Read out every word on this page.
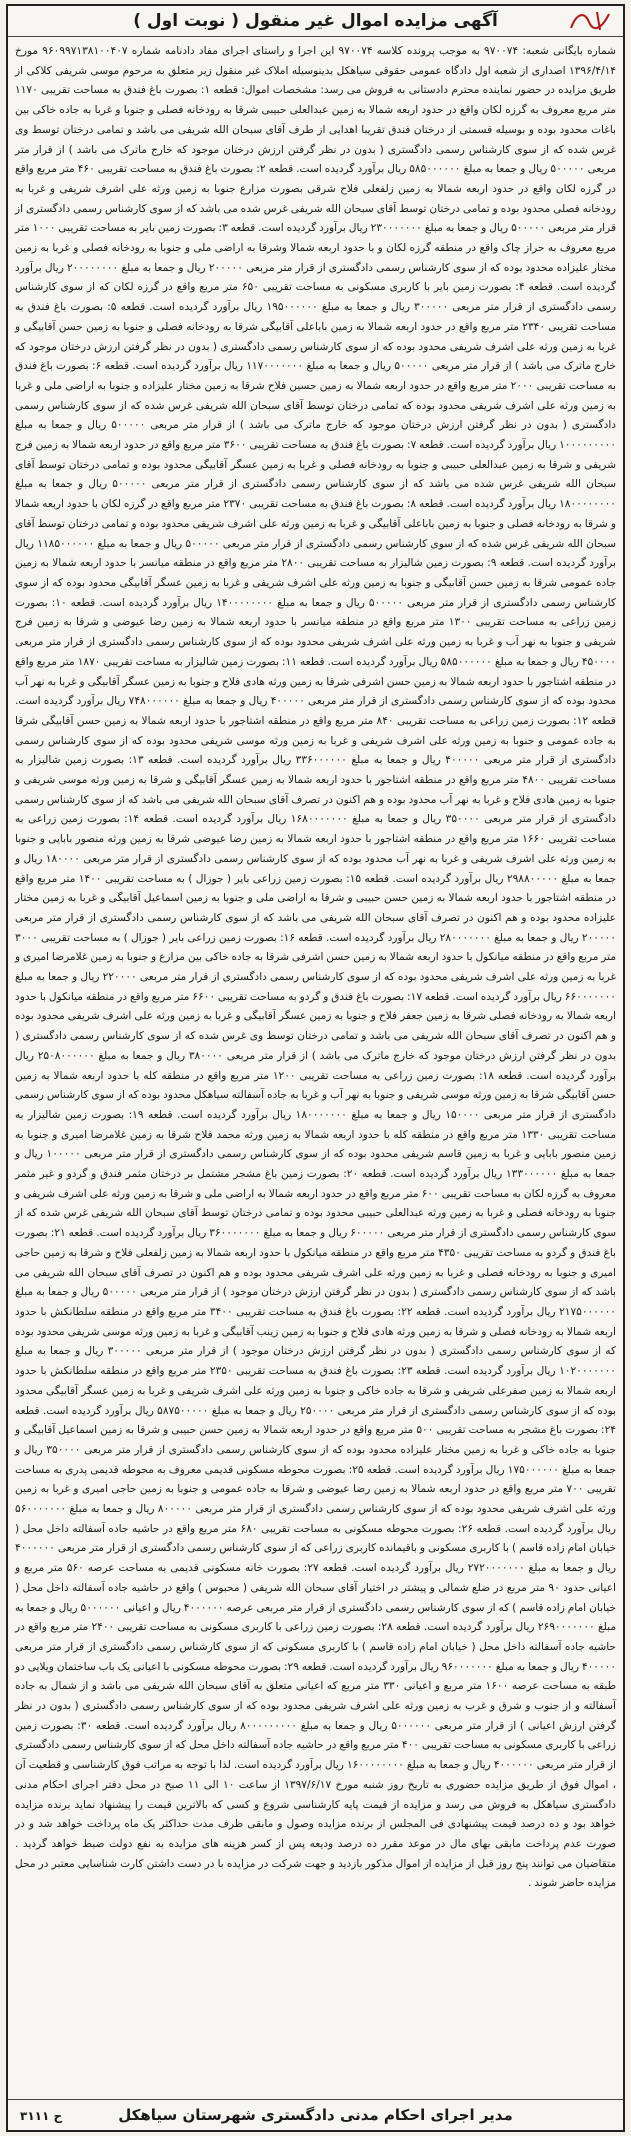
آگهی مزایده اموال غیر منقول ( نوبت اول )
شماره بایگانی شعبه: ۹۷۰۰۷۴ به موجب پرونده کلاسه ۹۷۰۰۷۴ این اجرا و راستای اجرای مفاد دادنامه شماره ۹۶۰۹۹۷۱۳۸۱۰۰۴۰۷ مورخ ۱۳۹۶/۴/۱۴ اصداری از شعبه اول دادگاه عمومی حقوقی سیاهکل بدینوسیله املاک غیر منقول زیر متعلق به مرحوم موسی شریفی کلاکی از طریق مزایده در حضور نماینده محترم دادستانی به فروش می رسد: مشخصات اموال: قطعه ۱: بصورت باغ فندق به مساحت تقریبی ۱۱۷۰ متر مربع معروف به گرزه لکان واقع در حدود اربعه شمالا به زمین عبدالعلی حبیبی شرقا به رودخانه فصلی و جنوبا و غربا به جاده خاکی بین باغات محدود بوده و بوسیله قسمتی از درختان فندق تقریبا اهدایی از طرف آقای سبحان الله شریفی می باشد و تمامی درختان توسط وی غرس شده که از سوی کارشناس رسمی دادگستری ( بدون در نظر گرفتن ارزش درختان موجود که خارج ماترک می باشد ) از قرار متر مربعی ۵۰۰۰۰۰ ریال و جمعا به مبلغ ۵۸۵۰۰۰۰۰۰ ریال برآورد گردیده است. قطعه ۲: بصورت باغ فندق به مساحت تقریبی ۴۶۰ متر مربع واقع در گرزه لکان واقع در حدود اربعه شمالا به زمین زلفعلی فلاح شرقی بصورت مزارع جنوبا به زمین ورثه علی اشرف شریفی و غربا به رودخانه فصلی محدود بوده و تمامی درختان توسط آقای سبحان الله شریفی غرس شده می باشد که از سوی کارشناس رسمی دادگستری از قرار متر مربعی ۵۰۰۰۰۰ ریال و جمعا به مبلغ ۲۳۰۰۰۰۰۰۰ ریال برآورد گردیده است. قطعه ۳: بصورت زمین بایر به مساحت تقریبی ۱۰۰۰ متر مربع معروف به حراز چاک واقع در منطقه گرزه لکان و با حدود اربعه شمالا وشرقا به اراضی ملی و جنوبا به رودخانه فصلی و غربا به زمین مختار علیزاده محدود بوده که از سوی کارشناس رسمی دادگستری از قرار متر مربعی ۲۰۰۰۰۰ ریال و جمعا به مبلغ ۲۰۰۰۰۰۰۰۰ ریال برآورد گردیده است. قطعه ۴: بصورت زمین بایر با کاربری مسکونی به مساحت تقریبی ۶۵۰ متر مربع واقع در گرزه لکان که از سوی کارشناس رسمی دادگستری از قرار متر مربعی ۳۰۰۰۰۰ ریال و جمعا به مبلغ ۱۹۵۰۰۰۰۰۰ ریال برآورد گردیده است. قطعه ۵: بصورت باغ فندق به مساحت تقریبی ۲۳۴۰ متر مربع واقع در حدود اربعه شمالا به زمین باباعلی آقابیگی شرقا به رودخانه فصلی و جنوبا به زمین حسن آقابیگی و غربا به زمین ورثه علی اشرف شریفی محدود بوده که از سوی کارشناس رسمی دادگستری ( بدون در نظر گرفتن ارزش درختان موجود که خارج ماترک می باشد ) از قرار متر مربعی ۵۰۰۰۰۰ ریال و جمعا به مبلغ ۱۱۷۰۰۰۰۰۰۰ ریال برآورد گردیده است. قطعه ۶: بصورت باغ فندق به مساحت تقریبی ۲۰۰۰ متر مربع واقع در حدود اربعه شمالا به زمین حسین فلاح شرقا به زمین مختار علیزاده و جنوبا به اراضی ملی و غربا به زمین ورثه علی اشرف شریفی محدود بوده که تمامی درختان توسط آقای سبحان الله شریفی غرس شده که از سوی کارشناس رسمی دادگستری ( بدون در نظر گرفتن ارزش درختان موجود که خارج ماترک می باشد ) از قرار متر مربعی ۵۰۰۰۰۰ ریال و جمعا به مبلغ ۱۰۰۰۰۰۰۰۰۰ ریال برآورد گردیده است. قطعه ۷: بصورت باغ فندق به مساحت تقریبی ۳۶۰۰ متر مربع واقع در حدود اربعه شمالا به زمین فرج شریفی و شرقا به زمین عبدالعلی حبیبی و جنوبا به رودخانه فصلی و غربا به زمین عسگر آقابیگی محدود بوده و تمامی درختان توسط آقای سبحان الله شریفی غرس شده می باشد که از سوی کارشناس رسمی دادگستری از قرار متر مربعی ۵۰۰۰۰۰ ریال و جمعا به مبلغ ۱۸۰۰۰۰۰۰۰۰ ریال برآورد گردیده است. قطعه ۸: بصورت باغ فندق به مساحت تقریبی ۲۳۷۰ متر مربع واقع در گرزه لکان با حدود اربعه شمالا و شرقا به رودخانه فصلی و جنوبا به زمین باباعلی آقابیگی و غربا به زمین ورثه علی اشرف شریفی محدود بوده و تمامی درختان توسط آقای سبحان الله شریفی غرس شده که از سوی کارشناس رسمی دادگستری از قرار متر مربعی ۵۰۰۰۰۰ ریال و جمعا به مبلغ ۱۱۸۵۰۰۰۰۰۰ ریال برآورد گردیده است. قطعه ۹: بصورت زمین شالیزار به مساحت تقریبی ۲۸۰۰ متر مربع واقع در منطقه میانسر با حدود اربعه شمالا به زمین جاده عمومی شرقا به زمین حسن آقابیگی و جنوبا به زمین ورثه علی اشرف شریفی و غربا به زمین عسگر آقابیگی محدود بوده که از سوی کارشناس رسمی دادگستری از قرار متر مربعی ۵۰۰۰۰۰ ریال و جمعا به مبلغ ۱۴۰۰۰۰۰۰۰۰ ریال برآورد گردیده است. قطعه ۱۰: بصورت زمین زراعی به مساحت تقریبی ۱۳۰۰ متر مربع واقع در منطقه میانسر با حدود اربعه شمالا به زمین رضا عیوضی و شرقا به زمین فرج شریفی و جنوبا به نهر آب و غربا به زمین ورثه علی اشرف شریفی محدود بوده که از سوی کارشناس رسمی دادگستری از قرار متر مربعی ۴۵۰۰۰۰ ریال و جمعا به مبلغ ۵۸۵۰۰۰۰۰۰ ریال برآورد گردیده است. قطعه ۱۱: بصورت زمین شالیزار به مساحت تقریبی ۱۸۷۰ متر مربع واقع در منطقه اشتاجور با حدود اربعه شمالا به زمین حسن اشرفی شرقا به زمین ورثه هادی فلاح و جنوبا به زمین عسگر آقابیگی و غربا به نهر آب محدود بوده که از سوی کارشناس رسمی دادگستری از قرار متر مربعی ۴۰۰۰۰۰ ریال و جمعا به مبلغ ۷۴۸۰۰۰۰۰۰ ریال برآورد گردیده است. قطعه ۱۲: بصورت زمین زراعی به مساحت تقریبی ۸۴۰ متر مربع واقع در منطقه اشتاجور با حدود اربعه شمالا به زمین حسن آقابیگی شرقا به جاده عمومی و جنوبا به زمین ورثه علی اشرف شریفی و غربا به زمین ورثه موسی شریفی محدود بوده که از سوی کارشناس رسمی دادگستری از قرار متر مربعی ۴۰۰۰۰۰ ریال و جمعا به مبلغ ۳۳۶۰۰۰۰۰۰ ریال برآورد گردیده است. قطعه ۱۳: بصورت زمین شالیزار به مساحت تقریبی ۴۸۰۰ متر مربع واقع در منطقه اشتاجور با حدود اربعه شمالا به زمین عسگر آقابیگی و شرقا به زمین ورثه موسی شریفی و جنوبا به زمین هادی فلاح و غربا به نهر آب محدود بوده و هم اکنون در تصرف آقای سبحان الله شریفی می باشد که از سوی کارشناس رسمی دادگستری از قرار متر مربعی ۳۵۰۰۰۰ ریال و جمعا به مبلغ ۱۶۸۰۰۰۰۰۰۰ ریال برآورد گردیده است. قطعه ۱۴: بصورت زمین زراعی به مساحت تقریبی ۱۶۶۰ متر مربع واقع در منطقه اشتاجور با حدود اربعه شمالا به زمین رضا عیوضی شرقا به زمین ورثه منصور بابایی و جنوبا به زمین ورثه علی اشرف شریفی و غربا به نهر آب محدود بوده که از سوی کارشناس رسمی دادگستری از قرار متر مربعی ۱۸۰۰۰۰ ریال و جمعا به مبلغ ۲۹۸۸۰۰۰۰۰ ریال برآورد گردیده است. قطعه ۱۵: بصورت زمین زراعی بایر ( جوزال ) به مساحت تقریبی ۱۴۰۰ متر مربع واقع در منطقه اشتاجور با حدود اربعه شمالا به زمین حسن حبیبی و شرقا به اراضی ملی و جنوبا به زمین اسماعیل آقابیگی و غربا به زمین مختار علیزاده محدود بوده و هم اکنون در تصرف آقای سبحان الله شریفی می باشد که از سوی کارشناس رسمی دادگستری از قرار متر مربعی ۲۰۰۰۰۰ ریال و جمعا به مبلغ ۲۸۰۰۰۰۰۰۰ ریال برآورد گردیده است. قطعه ۱۶: بصورت زمین زراعی بایر ( جوزال ) به مساحت تقریبی ۳۰۰۰ متر مربع واقع در منطقه میانکول با حدود اربعه شمالا به زمین حسن اشرفی شرقا به جاده خاکی بین مزارع و جنوبا به زمین غلامرضا امیری و غربا به زمین ورثه علی اشرف شریفی محدود بوده که از سوی کارشناس رسمی دادگستری از قرار متر مربعی ۲۲۰۰۰۰ ریال و جمعا به مبلغ ۶۶۰۰۰۰۰۰۰ ریال برآورد گردیده است. قطعه ۱۷: بصورت باغ فندق و گردو به مساحت تقریبی ۶۶۰۰ متر مربع واقع در منطقه میانکول با حدود اربعه شمالا به رودخانه فصلی شرقا به زمین جعفر فلاح و جنوبا به زمین عسگر آقابیگی و غربا به زمین ورثه علی اشرف شریفی محدود بوده و هم اکنون در تصرف آقای سبحان الله شریفی می باشد و تمامی درختان توسط وی غرس شده که از سوی کارشناس رسمی دادگستری ( بدون در نظر گرفتن ارزش درختان موجود که خارج ماترک می باشد ) از قرار متر مربعی ۳۸۰۰۰۰ ریال و جمعا به مبلغ ۲۵۰۸۰۰۰۰۰۰ ریال برآورد گردیده است. قطعه ۱۸: بصورت زمین زراعی به مساحت تقریبی ۱۲۰۰ متر مربع واقع در منطقه کله با حدود اربعه شمالا به زمین حسن آقابیگی شرقا به زمین ورثه موسی شریفی و جنوبا به نهر آب و غربا به جاده آسفالته سیاهکل محدود بوده که از سوی کارشناس رسمی دادگستری از قرار متر مربعی ۱۵۰۰۰۰ ریال و جمعا به مبلغ ۱۸۰۰۰۰۰۰۰ ریال برآورد گردیده است. قطعه ۱۹: بصورت زمین شالیزار به مساحت تقریبی ۱۳۳۰ متر مربع واقع در منطقه کله با حدود اربعه شمالا به زمین ورثه محمد فلاح شرقا به زمین غلامرضا امیری و جنوبا به زمین منصور بابایی و غربا به زمین قاسم شریفی محدود بوده که از سوی کارشناس رسمی دادگستری از قرار متر مربعی ۱۰۰۰۰۰ ریال و جمعا به مبلغ ۱۳۳۰۰۰۰۰۰ ریال برآورد گردیده است. قطعه ۲۰: بصورت زمین باغ مشجر مشتمل بر درختان مثمر فندق و گردو و غیر مثمر معروف به گرزه لکان به مساحت تقریبی ۶۰۰ متر مربع واقع در حدود اربعه شمالا به اراضی ملی و شرقا به زمین ورثه علی اشرف شریفی و جنوبا به رودخانه فصلی و غربا به زمین ورثه عبدالعلی حبیبی محدود بوده و تمامی درختان توسط آقای سبحان الله شریفی غرس شده که از سوی کارشناس رسمی دادگستری از قرار متر مربعی ۶۰۰۰۰۰ ریال و جمعا به مبلغ ۳۶۰۰۰۰۰۰۰ ریال برآورد گردیده است. قطعه ۲۱: بصورت باغ فندق و گردو به مساحت تقریبی ۴۳۵۰ متر مربع واقع در منطقه میانکول با حدود اربعه شمالا به زمین زلفعلی فلاح و شرقا به زمین حاجی امیری و جنوبا به رودخانه فصلی و غربا به زمین ورثه علی اشرف شریفی محدود بوده و هم اکنون در تصرف آقای سبحان الله شریفی می باشد که از سوی کارشناس رسمی دادگستری ( بدون در نظر گرفتن ارزش درختان موجود ) از قرار متر مربعی ۵۰۰۰۰۰ ریال و جمعا به مبلغ ۲۱۷۵۰۰۰۰۰۰ ریال برآورد گردیده است. قطعه ۲۲: بصورت باغ فندق به مساحت تقریبی ۳۴۰۰ متر مربع واقع در منطقه سلطانکش با حدود اربعه شمالا به رودخانه فصلی و شرقا به زمین ورثه هادی فلاح و جنوبا به زمین زینب آقابیگی و غربا به زمین ورثه موسی شریفی محدود بوده که از سوی کارشناس رسمی دادگستری ( بدون در نظر گرفتن ارزش درختان موجود ) از قرار متر مربعی ۳۰۰۰۰۰ ریال و جمعا به مبلغ ۱۰۲۰۰۰۰۰۰۰ ریال برآورد گردیده است. قطعه ۲۳: بصورت باغ فندق به مساحت تقریبی ۲۳۵۰ متر مربع واقع در منطقه سلطانکش با حدود اربعه شمالا به زمین صفرعلی شریفی و شرقا به جاده خاکی و جنوبا به زمین ورثه علی اشرف شریفی و غربا به زمین عسگر آقابیگی محدود بوده که از سوی کارشناس رسمی دادگستری از قرار متر مربعی ۲۵۰۰۰۰ ریال و جمعا به مبلغ ۵۸۷۵۰۰۰۰۰ ریال برآورد گردیده است. قطعه ۲۴: بصورت باغ مشجر به مساحت تقریبی ۵۰۰ متر مربع واقع در حدود اربعه شمالا به زمین حسن حبیبی و شرقا به زمین اسماعیل آقابیگی و جنوبا به جاده خاکی و غربا به زمین مختار علیزاده محدود بوده که از سوی کارشناس رسمی دادگستری از قرار متر مربعی ۳۵۰۰۰۰ ریال و جمعا به مبلغ ۱۷۵۰۰۰۰۰۰ ریال برآورد گردیده است. قطعه ۲۵: بصورت محوطه مسکونی قدیمی معروف به محوطه قدیمی پدری به مساحت تقریبی ۷۰۰ متر مربع واقع در حدود اربعه شمالا به زمین رضا عیوضی و شرقا به جاده عمومی و جنوبا به زمین حاجی امیری و غربا به زمین ورثه علی اشرف شریفی محدود بوده که از سوی کارشناس رسمی دادگستری از قرار متر مربعی ۸۰۰۰۰۰ ریال و جمعا به مبلغ ۵۶۰۰۰۰۰۰۰ ریال برآورد گردیده است. قطعه ۲۶: بصورت محوطه مسکونی به مساحت تقریبی ۶۸۰ متر مربع واقع در حاشیه جاده آسفالته داخل محل ( خیابان امام زاده قاسم ) با کاربری مسکونی و باقیمانده کاربری زراعی که از سوی کارشناس رسمی دادگستری از قرار متر مربعی ۴۰۰۰۰۰۰ ریال و جمعا به مبلغ ۲۷۲۰۰۰۰۰۰۰ ریال برآورد گردیده است. قطعه ۲۷: بصورت خانه مسکونی قدیمی به مساحت عرصه ۵۶۰ متر مربع و اعیانی حدود ۹۰ متر مربع در ضلع شمالی و پیشتر در اختیار آقای سبحان الله شریفی ( محبوس ) واقع در حاشیه جاده آسفالته داخل محل ( خیابان امام زاده قاسم ) که از سوی کارشناس رسمی دادگستری از قرار متر مربعی عرصه ۴۰۰۰۰۰۰ ریال و اعیانی ۵۰۰۰۰۰۰ ریال و جمعا به مبلغ ۲۶۹۰۰۰۰۰۰۰ ریال برآورد گردیده است. قطعه ۲۸: بصورت زمین زراعی با کاربری مسکونی به مساحت تقریبی ۲۴۰۰ متر مربع واقع در حاشیه جاده آسفالته داخل محل ( خیابان امام زاده قاسم ) با کاربری مسکونی که از سوی کارشناس رسمی دادگستری از قرار متر مربعی ۴۰۰۰۰۰ ریال و جمعا به مبلغ ۹۶۰۰۰۰۰۰۰ ریال برآورد گردیده است. قطعه ۲۹: بصورت محوطه مسکونی با اعیانی یک باب ساختمان ویلایی دو طبقه به مساحت عرصه ۱۶۰۰ متر مربع و اعیانی ۳۳۰ متر مربع که اعیانی متعلق به آقای سبحان الله شریفی می باشد و از شمال به جاده آسفالته و از جنوب و شرق و غرب به زمین ورثه علی اشرف شریفی محدود بوده که از سوی کارشناس رسمی دادگستری ( بدون در نظر گرفتن ارزش اعیانی ) از قرار متر مربعی ۵۰۰۰۰۰۰ ریال و جمعا به مبلغ ۸۰۰۰۰۰۰۰۰۰ ریال برآورد گردیده است. قطعه ۳۰: بصورت زمین زراعی با کاربری مسکونی به مساحت تقریبی ۴۰۰ متر مربع واقع در حاشیه جاده آسفالته داخل محل که از سوی کارشناس رسمی دادگستری از قرار متر مربعی ۴۰۰۰۰۰۰ ریال و جمعا به مبلغ ۱۶۰۰۰۰۰۰۰۰ ریال برآورد گردیده است. لذا با توجه به مراتب فوق کارشناسی و قطعیت آن ، اموال فوق از طریق مزایده حضوری به تاریخ روز شنبه مورخ ۱۳۹۷/۶/۱۷ از ساعت ۱۰ الی ۱۱ صبح در محل دفتر اجرای احکام مدنی دادگستری سیاهکل به فروش می رسد و مزایده از قیمت پایه کارشناسی شروع و کسی که بالاترین قیمت را پیشنهاد نماید برنده مزایده خواهد بود و ده درصد قیمت پیشنهادی فی المجلس از برنده مزایده وصول و مابقی ظرف مدت حداکثر یک ماه پرداخت خواهد شد و در صورت عدم پرداخت مابقی بهای مال در موعد مقرر ده درصد ودیعه پس از کسر هزینه های مزایده به نفع دولت ضبط خواهد گردید . متقاضیان می توانند پنج روز قبل از مزایده از اموال مذکور بازدید و جهت شرکت در مزایده با در دست داشتن کارت شناسایی معتبر در محل مزایده حاضر شوند .
مدیر اجرای احکام مدنی دادگستری شهرستان سیاهکل
ح ۳۱۱۱
